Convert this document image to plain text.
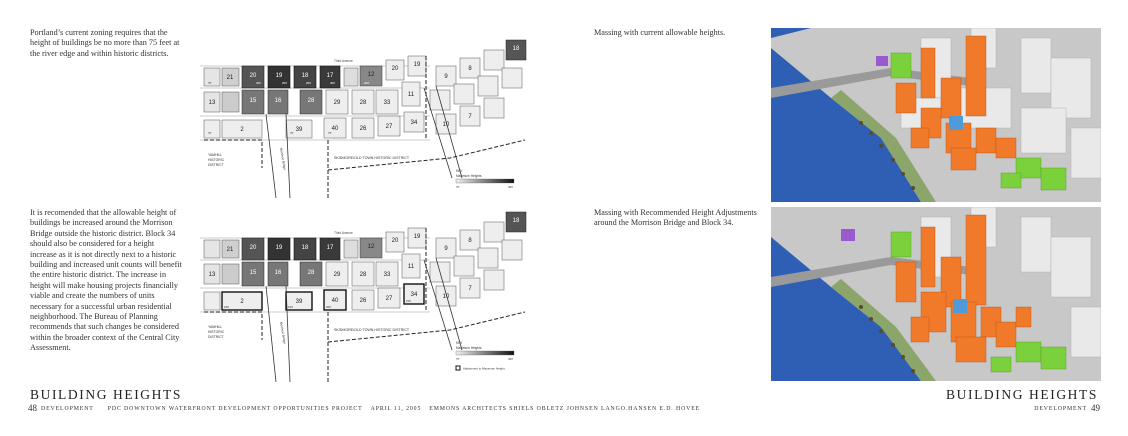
Portland’s current zoning requires that the height of buildings be no more than 75 feet at the river edge and within historic districts.

It is recomended that the allowable height of buildings be increased around the Morrison Bridge outside the historic district. Block 34 should also be considered for a height increase as it is not directly next to a historic building and increased unit counts will benefit the entire historic district. The increase in height will make housing projects financially viable and create the numbers of units necessary for a successful urban residential neighborhood. The Bureau of Planning recommends that such changes be considered within the broader context of the Central City Assessment.

Third Avenue
YAMHILL
HISTORIC
DISTRICT	Morrison Bridge	SKIDMORE/OLD TOWN HISTORIC DISTRICT
21	20	19	18	17	12
20
19
18
13	15	16	28	29	28	33
11
9
8
2	39	40	26	27
34	10
7
75'	460'	250'	250'	460'	200'
75'	75'	75'
KEY
Maximum Heights
75'	460'
Third Avenue
YAMHILL
HISTORIC
DISTRICT	Morrison Bridge	SKIDMORE/OLD TOWN HISTORIC DISTRICT
21	20	19	18	17	12
20
19
18
13	15	16	28	29	28	33
11
9
8
2	39	40	26	27
34	10
7
150'	150'	250'
150'
KEY
Maximum Heights
75'	460'
Adjustment to Maximum Height
BUILDING HEIGHTS
48 DEVELOPMENT PDC DOWNTOWN WATERFRONT DEVELOPMENT OPPORTUNITIES PROJECT APRIL 11, 2005 EMMONS ARCHITECTS SHIELS OBLETZ JOHNSEN LANGO.HANSEN E.D. HOVEE

Massing with current allowable heights.

Massing with Recommended Height Adjustments around the Morrison Bridge and Block 34.

BUILDING HEIGHTS
DEVELOPMENT 49
